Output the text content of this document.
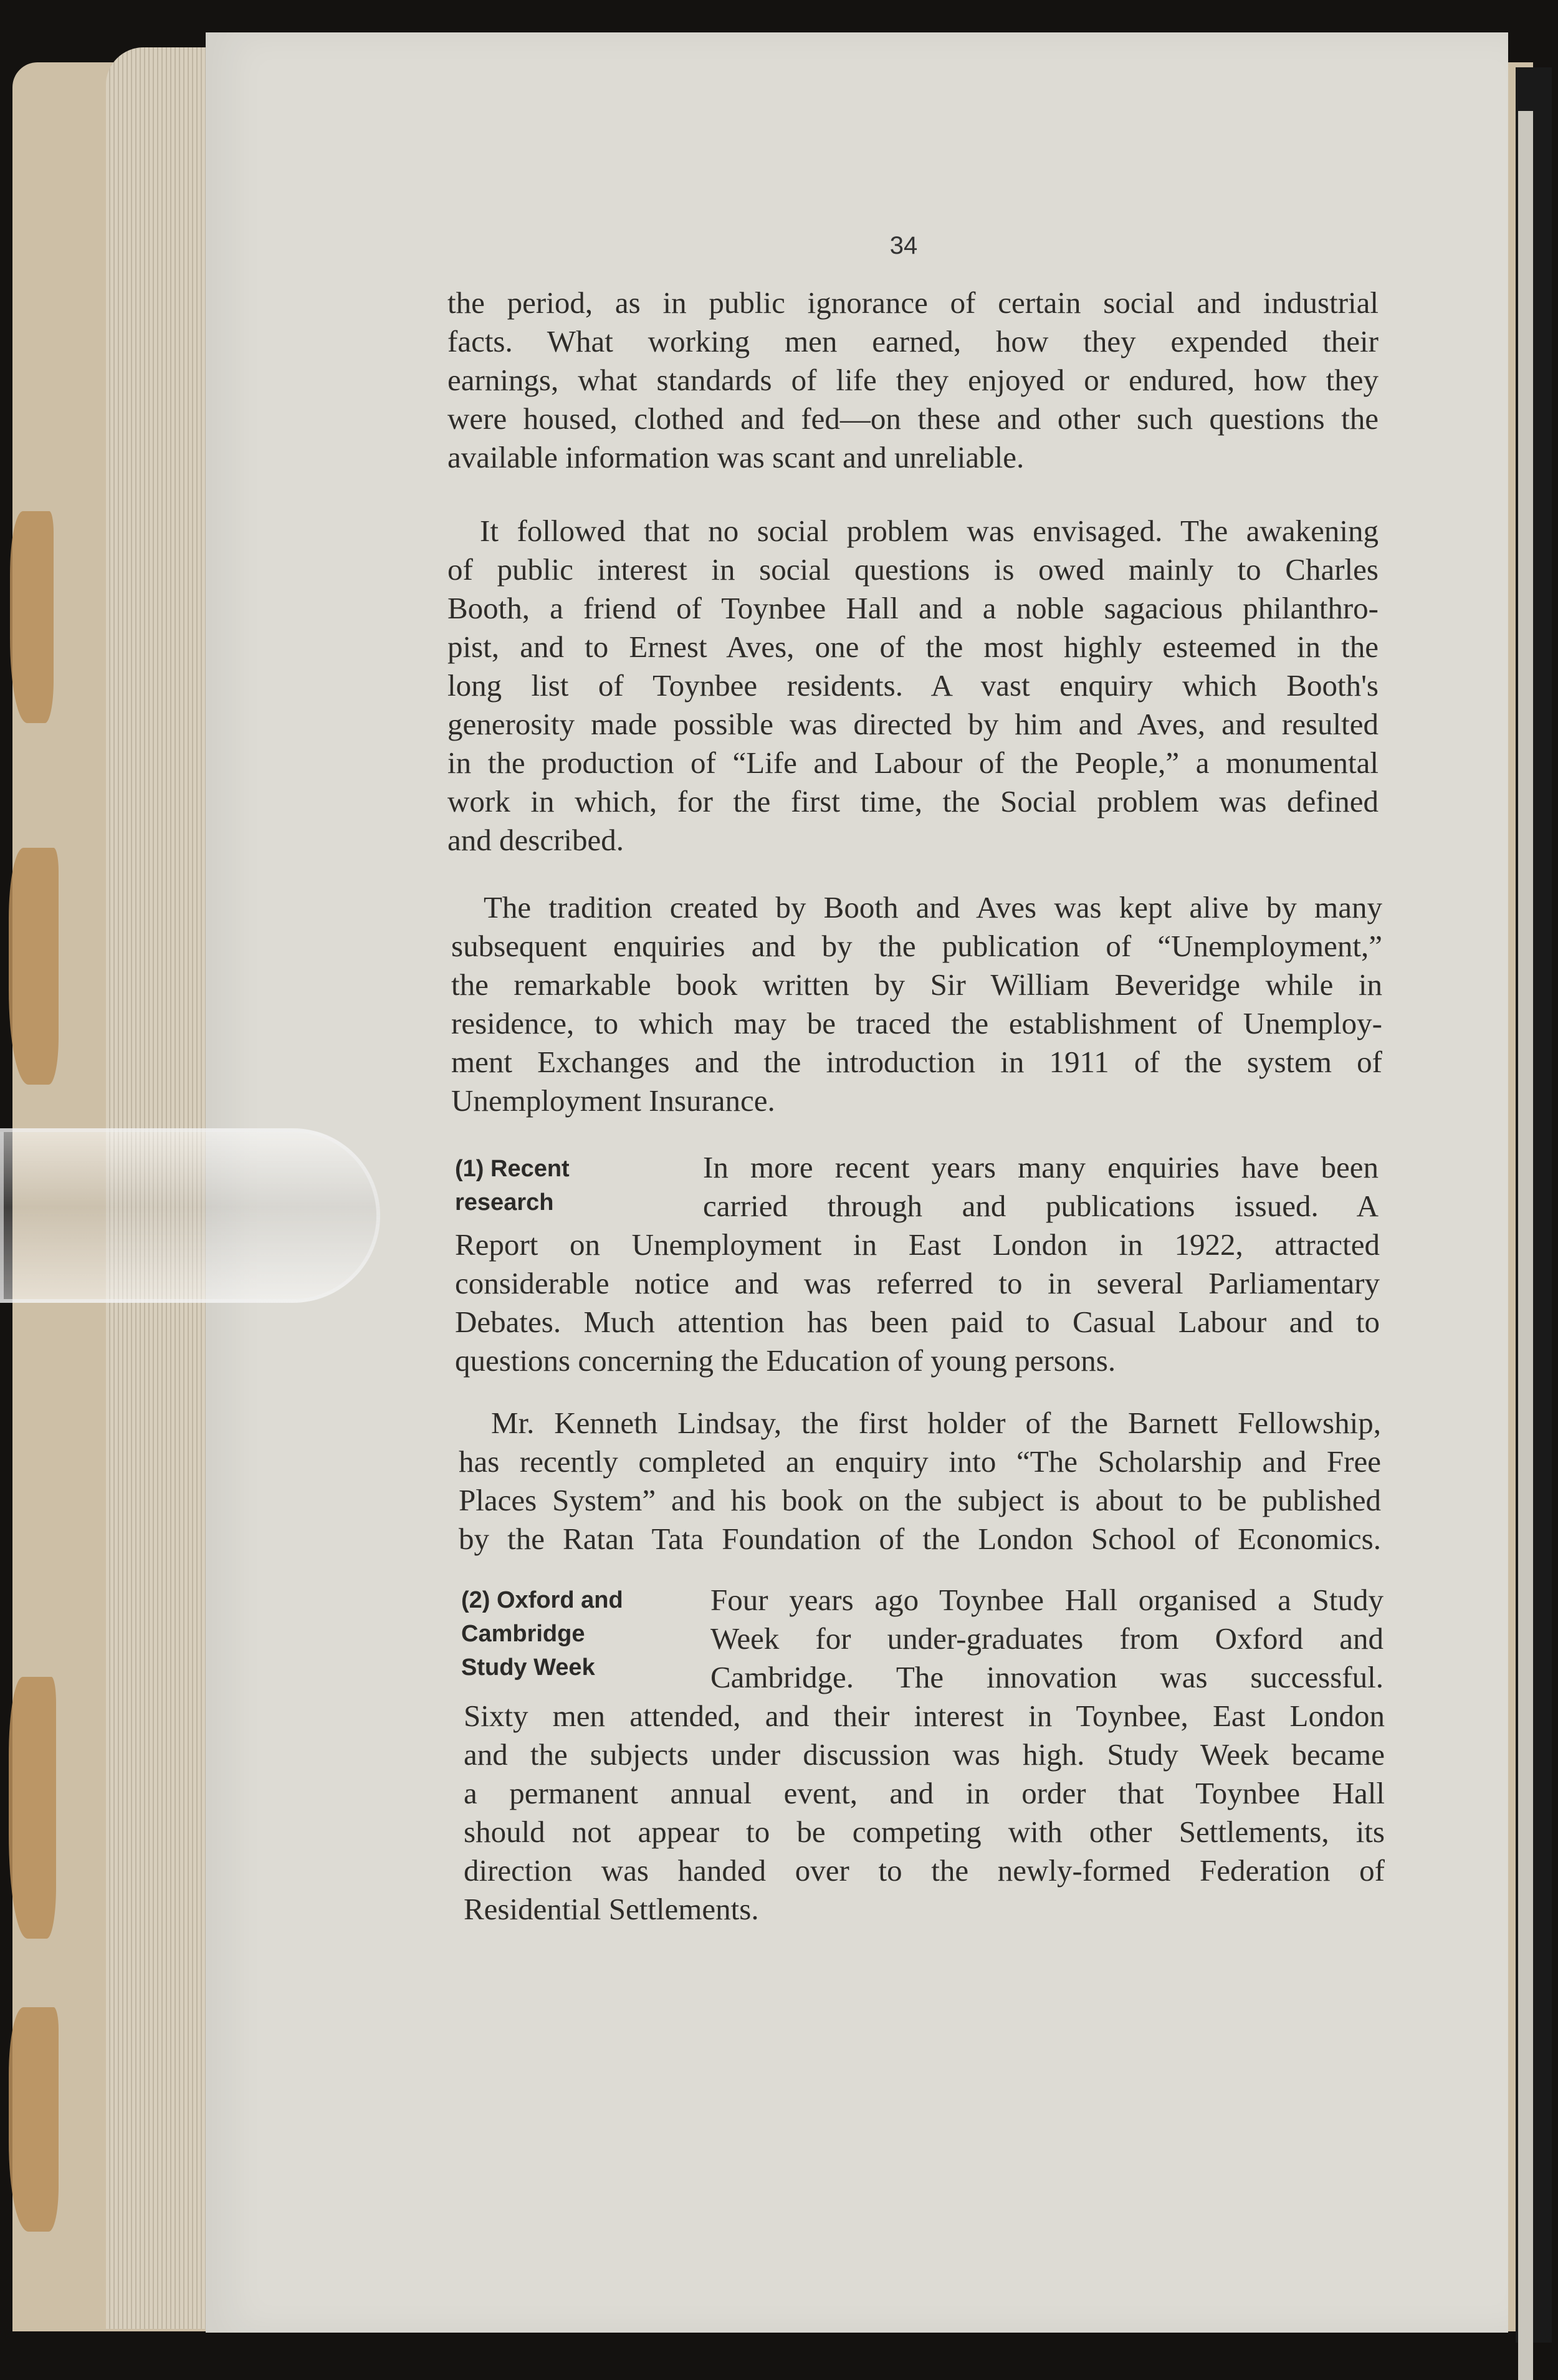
34
the period, as in public ignorance of certain social and industrial
facts. What working men earned, how they expended their
earnings, what standards of life they enjoyed or endured, how they
were housed, clothed and fed—on these and other such questions the
available information was scant and unreliable.
It followed that no social problem was envisaged. The awakening
of public interest in social questions is owed mainly to Charles
Booth, a friend of Toynbee Hall and a noble sagacious philanthro-
pist, and to Ernest Aves, one of the most highly esteemed in the
long list of Toynbee residents. A vast enquiry which Booth's
generosity made possible was directed by him and Aves, and resulted
in the production of “Life and Labour of the People,” a monumental
work in which, for the first time, the Social problem was defined
and described.
The tradition created by Booth and Aves was kept alive by many
subsequent enquiries and by the publication of “Unemployment,”
the remarkable book written by Sir William Beveridge while in
residence, to which may be traced the establishment of Unemploy-
ment Exchanges and the introduction in 1911 of the system of
Unemployment Insurance.
(1) Recent
research
In more recent years many enquiries have been
carried through and publications issued. A
Report on Unemployment in East London in 1922, attracted
considerable notice and was referred to in several Parliamentary
Debates. Much attention has been paid to Casual Labour and to
questions concerning the Education of young persons.
Mr. Kenneth Lindsay, the first holder of the Barnett Fellowship,
has recently completed an enquiry into “The Scholarship and Free
Places System” and his book on the subject is about to be published
by the Ratan Tata Foundation of the London School of Economics.
(2) Oxford and
Cambridge
Study Week
Four years ago Toynbee Hall organised a Study
Week for under-graduates from Oxford and
Cambridge. The innovation was successful.
Sixty men attended, and their interest in Toynbee, East London
and the subjects under discussion was high. Study Week became
a permanent annual event, and in order that Toynbee Hall
should not appear to be competing with other Settlements, its
direction was handed over to the newly-formed Federation of
Residential Settlements.
